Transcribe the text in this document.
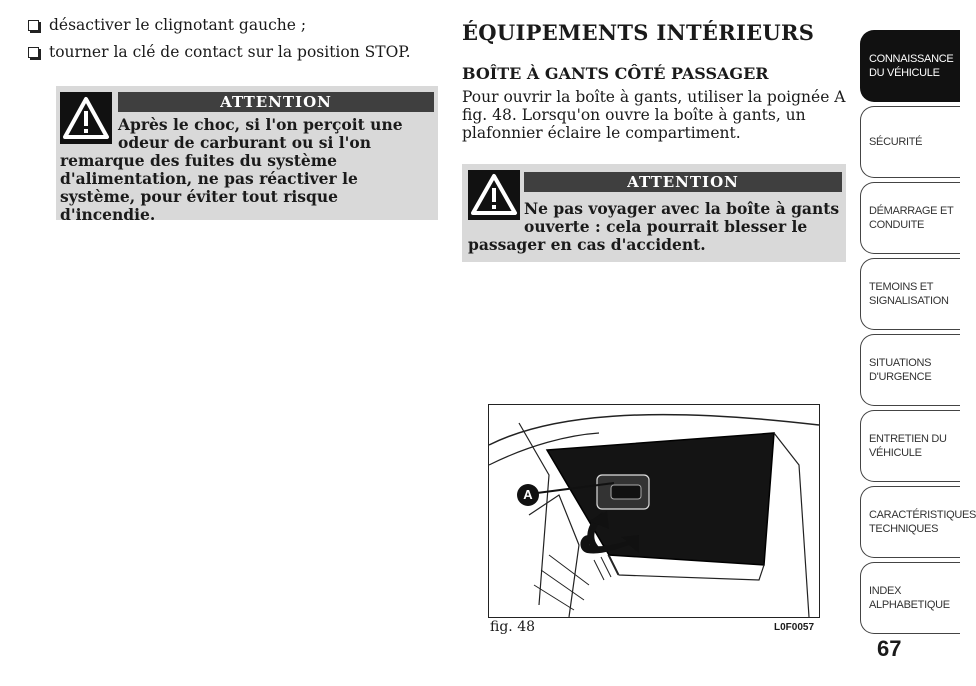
désactiver le clignotant gauche ;
tourner la clé de contact sur la position STOP.
ATTENTION
Après le choc, si l'on perçoit une odeur de carburant ou si l'on
remarque des fuites du système d'alimentation, ne pas réactiver le système, pour éviter tout risque d'incendie.
ÉQUIPEMENTS INTÉRIEURS
BOÎTE À GANTS CÔTÉ PASSAGER
Pour ouvrir la boîte à gants, utiliser la poignée A fig. 48. Lorsqu'on ouvre la boîte à gants, un plafonnier éclaire le compartiment.
ATTENTION
Ne pas voyager avec la boîte à gants ouverte : cela pourrait blesser le
passager en cas d'accident.
A
fig. 48	L0F0057
CONNAISSANCE DU VÉHICULE
SÉCURITÉ
DÉMARRAGE ET CONDUITE
TEMOINS ET SIGNALISATION
SITUATIONS D'URGENCE
ENTRETIEN DU VÉHICULE
CARACTÉRISTIQUES TECHNIQUES
INDEX ALPHABETIQUE
67
